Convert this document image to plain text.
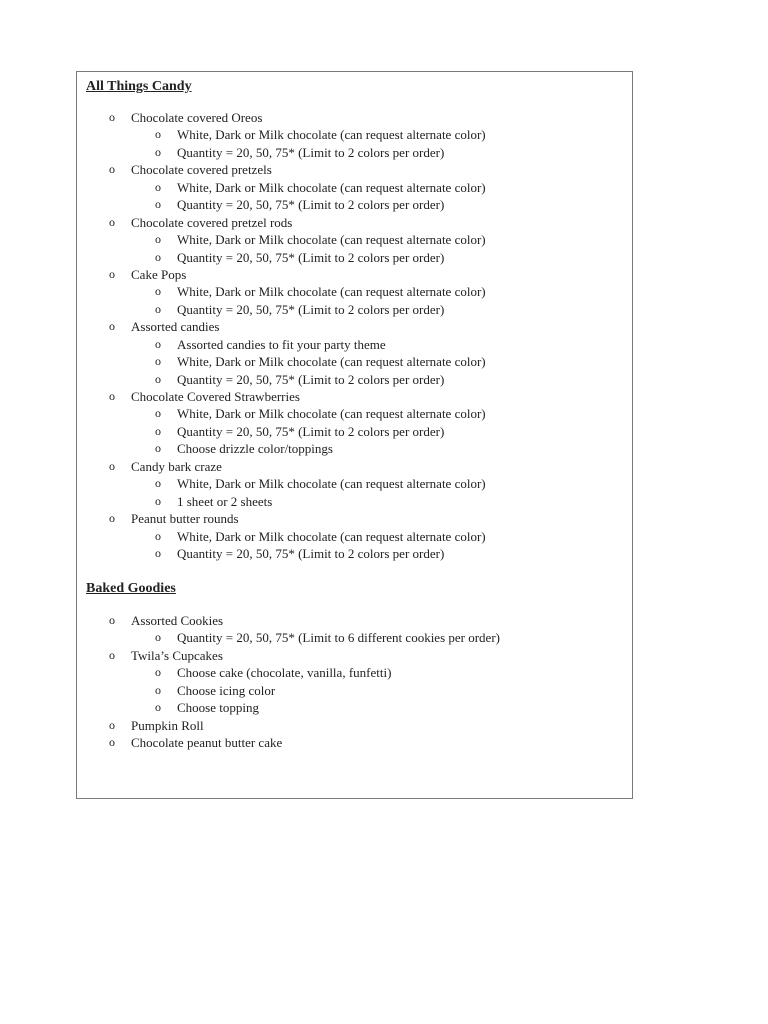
All Things Candy
o Chocolate covered Oreos
o White, Dark or Milk chocolate (can request alternate color)
o Quantity = 20, 50, 75* (Limit to 2 colors per order)
o Chocolate covered pretzels
o White, Dark or Milk chocolate (can request alternate color)
o Quantity = 20, 50, 75* (Limit to 2 colors per order)
o Chocolate covered pretzel rods
o White, Dark or Milk chocolate (can request alternate color)
o Quantity = 20, 50, 75* (Limit to 2 colors per order)
o Cake Pops
o White, Dark or Milk chocolate (can request alternate color)
o Quantity = 20, 50, 75* (Limit to 2 colors per order)
o Assorted candies
o Assorted candies to fit your party theme
o White, Dark or Milk chocolate (can request alternate color)
o Quantity = 20, 50, 75* (Limit to 2 colors per order)
o Chocolate Covered Strawberries
o White, Dark or Milk chocolate (can request alternate color)
o Quantity = 20, 50, 75* (Limit to 2 colors per order)
o Choose drizzle color/toppings
o Candy bark craze
o White, Dark or Milk chocolate (can request alternate color)
o 1 sheet or 2 sheets
o Peanut butter rounds
o White, Dark or Milk chocolate (can request alternate color)
o Quantity = 20, 50, 75* (Limit to 2 colors per order)
Baked Goodies
o Assorted Cookies
o Quantity = 20, 50, 75* (Limit to 6 different cookies per order)
o Twila’s Cupcakes
o Choose cake (chocolate, vanilla, funfetti)
o Choose icing color
o Choose topping
o Pumpkin Roll
o Chocolate peanut butter cake
